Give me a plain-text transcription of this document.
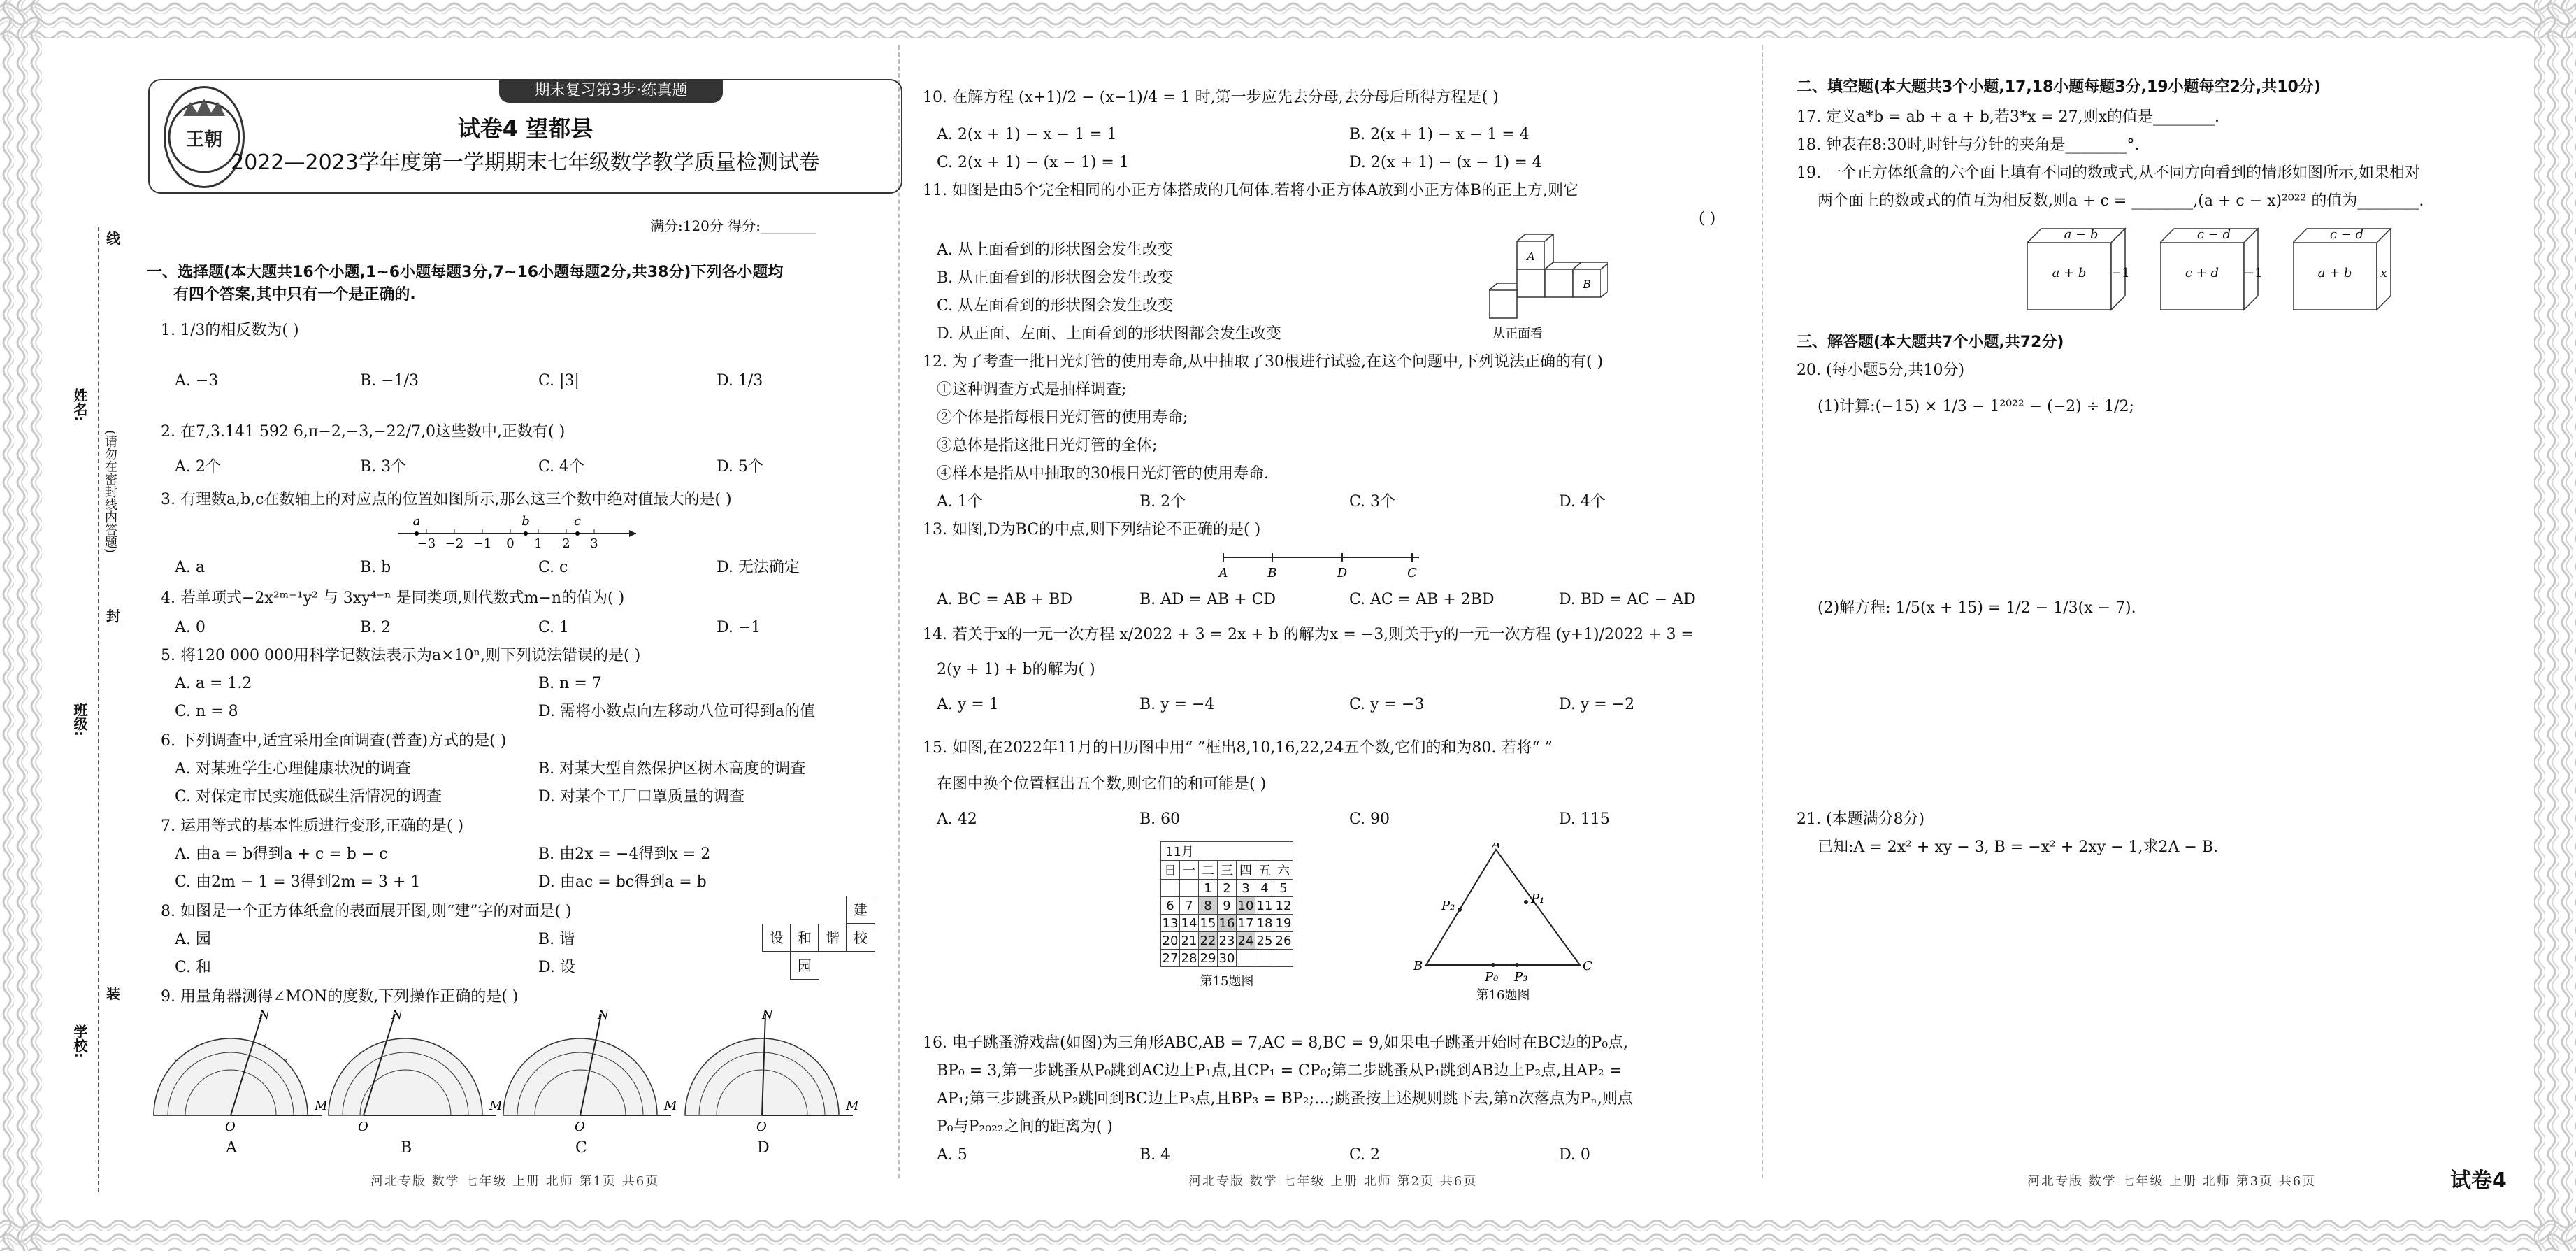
线
封
装
(请勿在密封线内答题)
姓名:
班级:
学校:
期末复习第3步·练真题
王朝	试卷4 望都县
2022—2023学年度第一学期期末七年级数学教学质量检测试卷
满分:120分 得分:________
一、选择题(本大题共16个小题,1~6小题每题3分,7~16小题每题2分,共38分)下列各小题均
有四个答案,其中只有一个是正确的.
1. 1/3的相反数为( )
A. −3	B. −1/3	C. |3|	D. 1/3
2. 在7,3.141 592 6,π−2,−3,−22/7,0这些数中,正数有( )
A. 2个	B. 3个	C. 4个	D. 5个
3. 有理数a,b,c在数轴上的对应点的位置如图所示,那么这三个数中绝对值最大的是( )
−3 −2 −1 0 1 2 3
a	b	c
A. a	B. b	C. c	D. 无法确定
4. 若单项式−2x²ᵐ⁻¹y² 与 3xy⁴⁻ⁿ 是同类项,则代数式m−n的值为( )
A. 0	B. 2	C. 1	D. −1
5. 将120 000 000用科学记数法表示为a×10ⁿ,则下列说法错误的是( )
A. a = 1.2	B. n = 7
C. n = 8	D. 需将小数点向左移动八位可得到a的值
6. 下列调查中,适宜采用全面调查(普查)方式的是( )
A. 对某班学生心理健康状况的调查	B. 对某大型自然保护区树木高度的调查
C. 对保定市民实施低碳生活情况的调查	D. 对某个工厂口罩质量的调查
7. 运用等式的基本性质进行变形,正确的是( )
A. 由a = b得到a + c = b − c	B. 由2x = −4得到x = 2
C. 由2m − 1 = 3得到2m = 3 + 1	D. 由ac = bc得到a = b
8. 如图是一个正方体纸盒的表面展开图,则“建”字的对面是( )
A. 园	B. 谐
C. 和	D. 设
建
设	和	谐	校
园
9. 用量角器测得∠MON的度数,下列操作正确的是( )
N
O
M
N
O
M
N
O
M
N
O
M
A	B	C	D
河北专版 数学 七年级 上册 北师 第1页 共6页
10. 在解方程 (x+1)/2 − (x−1)/4 = 1 时,第一步应先去分母,去分母后所得方程是( )
A. 2(x + 1) − x − 1 = 1	B. 2(x + 1) − x − 1 = 4
C. 2(x + 1) − (x − 1) = 1	D. 2(x + 1) − (x − 1) = 4
11. 如图是由5个完全相同的小正方体搭成的几何体.若将小正方体A放到小正方体B的正上方,则它
( )
A. 从上面看到的形状图会发生改变
B. 从正面看到的形状图会发生改变
C. 从左面看到的形状图会发生改变
D. 从正面、左面、上面看到的形状图都会发生改变
A
B
从正面看
12. 为了考查一批日光灯管的使用寿命,从中抽取了30根进行试验,在这个问题中,下列说法正确的有( )
①这种调查方式是抽样调查;
②个体是指每根日光灯管的使用寿命;
③总体是指这批日光灯管的全体;
④样本是指从中抽取的30根日光灯管的使用寿命.
A. 1个	B. 2个	C. 3个	D. 4个
13. 如图,D为BC的中点,则下列结论不正确的是( )
A	B	D	C
A. BC = AB + BD	B. AD = AB + CD	C. AC = AB + 2BD	D. BD = AC − AD
14. 若关于x的一元一次方程 x/2022 + 3 = 2x + b 的解为x = −3,则关于y的一元一次方程 (y+1)/2022 + 3 =
2(y + 1) + b的解为( )
A. y = 1	B. y = −4	C. y = −3	D. y = −2
15. 如图,在2022年11月的日历图中用“ ”框出8,10,16,22,24五个数,它们的和为80. 若将“ ”
在图中换个位置框出五个数,则它们的和可能是( )
A. 42	B. 60	C. 90	D. 115
11月						
日	一	二	三	四	五	六
		1	2	3	4	5
6	7	8	9	10	11	12
13	14	15	16	17	18	19
20	21	22	23	24	25	26
27	28	29	30			
第15题图
A
B	C
P₀
P₁
P₂
P₃
第16题图
16. 电子跳蚤游戏盘(如图)为三角形ABC,AB = 7,AC = 8,BC = 9,如果电子跳蚤开始时在BC边的P₀点,
BP₀ = 3,第一步跳蚤从P₀跳到AC边上P₁点,且CP₁ = CP₀;第二步跳蚤从P₁跳到AB边上P₂点,且AP₂ =
AP₁;第三步跳蚤从P₂跳回到BC边上P₃点,且BP₃ = BP₂;…;跳蚤按上述规则跳下去,第n次落点为Pₙ,则点
P₀与P₂₀₂₂之间的距离为( )
A. 5	B. 4	C. 2	D. 0
河北专版 数学 七年级 上册 北师 第2页 共6页
二、填空题(本大题共3个小题,17,18小题每题3分,19小题每空2分,共10分)
17. 定义a*b = ab + a + b,若3*x = 27,则x的值是________.
18. 钟表在8:30时,时针与分针的夹角是________°.
19. 一个正方体纸盒的六个面上填有不同的数或式,从不同方向看到的情形如图所示,如果相对
两个面上的数或式的值互为相反数,则a + c = ________,(a + c − x)²⁰²² 的值为________.
a − b
a + b	−1
c − d
c + d	−1
c − d
a + b	x
三、解答题(本大题共7个小题,共72分)
20. (每小题5分,共10分)
(1)计算:(−15) × 1/3 − 1²⁰²² − (−2) ÷ 1/2;
(2)解方程: 1/5(x + 15) = 1/2 − 1/3(x − 7).
21. (本题满分8分)
已知:A = 2x² + xy − 3, B = −x² + 2xy − 1,求2A − B.
河北专版 数学 七年级 上册 北师 第3页 共6页	试卷4
